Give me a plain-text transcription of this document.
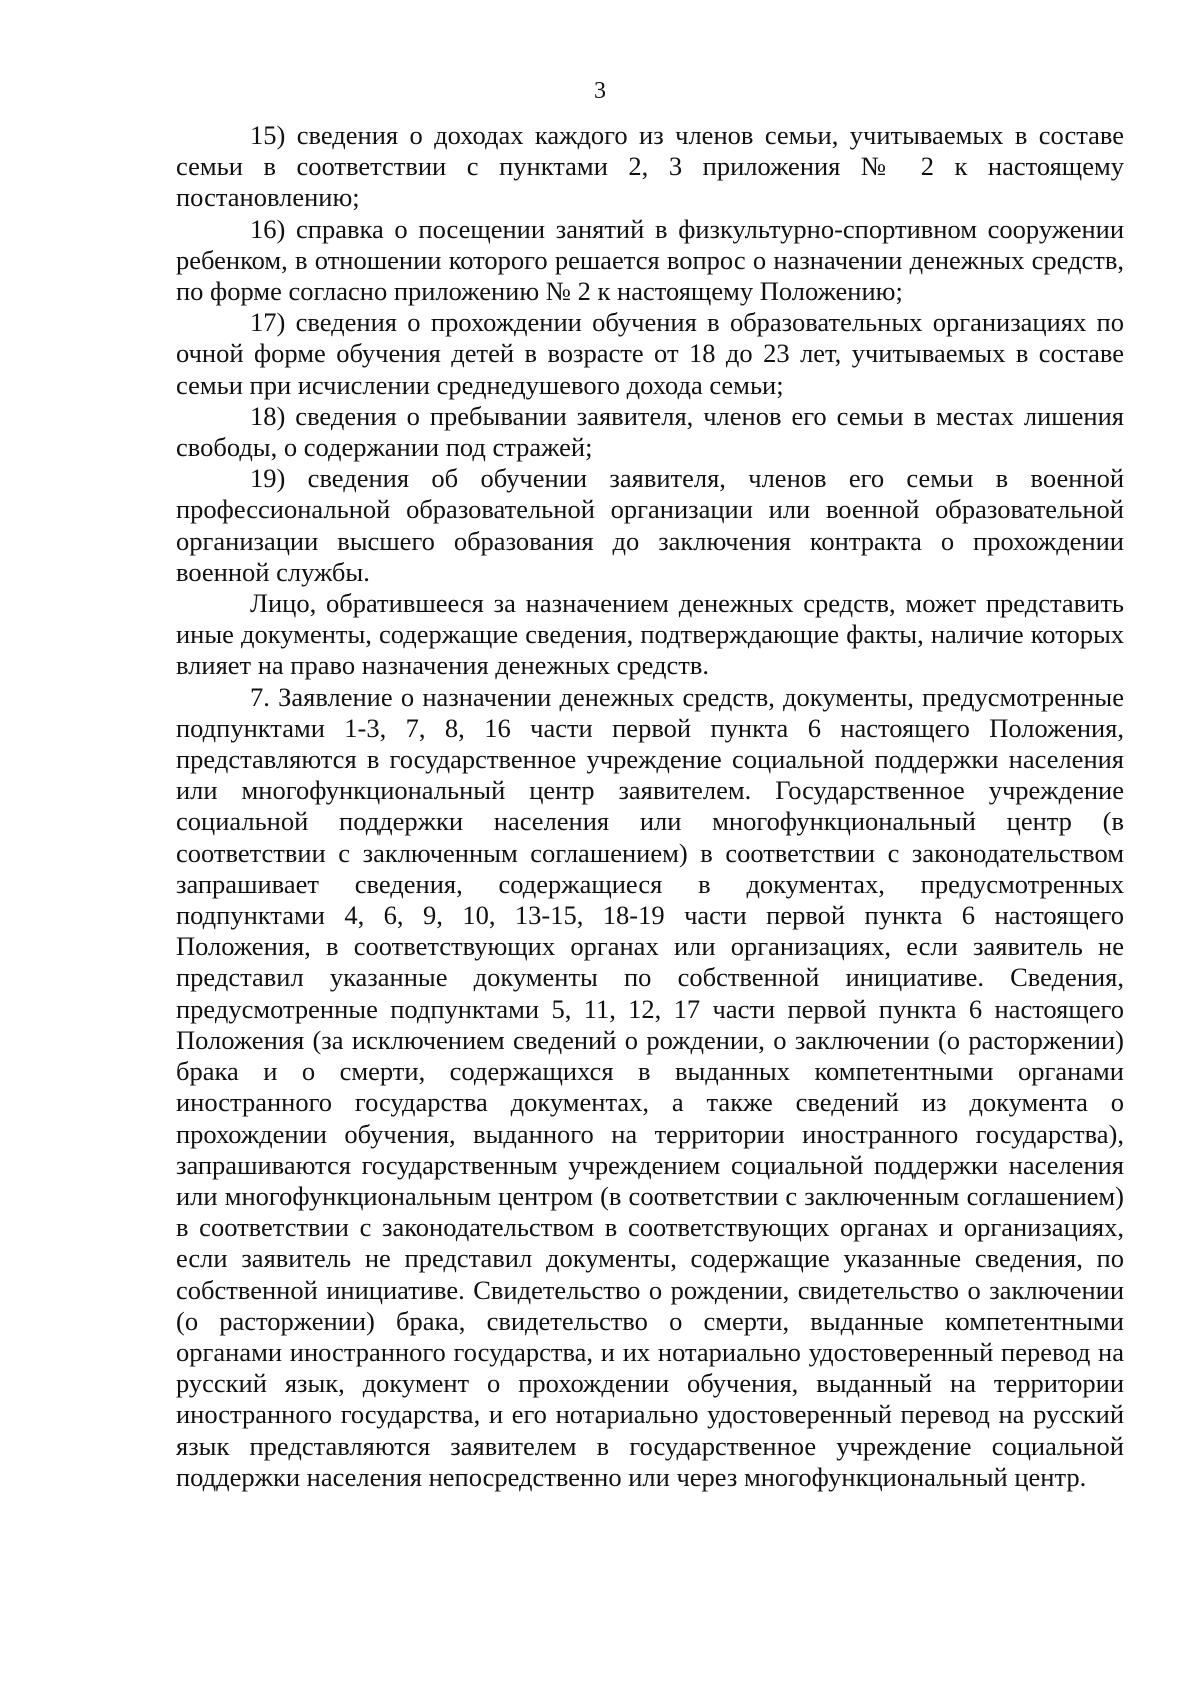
3

15) сведения о доходах каждого из членов семьи, учитываемых в составе семьи в соответствии с пунктами 2, 3 приложения № 2 к настоящему постановлению;

16) справка о посещении занятий в физкультурно-спортивном сооружении ребенком, в отношении которого решается вопрос о назначении денежных средств, по форме согласно приложению № 2 к настоящему Положению;

17) сведения о прохождении обучения в образовательных организациях по очной форме обучения детей в возрасте от 18 до 23 лет, учитываемых в составе семьи при исчислении среднедушевого дохода семьи;

18) сведения о пребывании заявителя, членов его семьи в местах лишения свободы, о содержании под стражей;

19) сведения об обучении заявителя, членов его семьи в военной профессиональной образовательной организации или военной образовательной организации высшего образования до заключения контракта о прохождении военной службы.

Лицо, обратившееся за назначением денежных средств, может представить иные документы, содержащие сведения, подтверждающие факты, наличие которых влияет на право назначения денежных средств.

7. Заявление о назначении денежных средств, документы, предусмотренные подпунктами 1-3, 7, 8, 16 части первой пункта 6 настоящего Положения, представляются в государственное учреждение социальной поддержки населения или многофункциональный центр заявителем. Государственное учреждение социальной поддержки населения или многофункциональный центр (в соответствии с заключенным соглашением) в соответствии с законодательством запрашивает сведения, содержащиеся в документах, предусмотренных подпунктами 4, 6, 9, 10, 13-15, 18-19 части первой пункта 6 настоящего Положения, в соответствующих органах или организациях, если заявитель не представил указанные документы по собственной инициативе. Сведения, предусмотренные подпунктами 5, 11, 12, 17 части первой пункта 6 настоящего Положения (за исключением сведений о рождении, о заключении (о расторжении) брака и о смерти, содержащихся в выданных компетентными органами иностранного государства документах, а также сведений из документа о прохождении обучения, выданного на территории иностранного государства), запрашиваются государственным учреждением социальной поддержки населения или многофункциональным центром (в соответствии с заключенным соглашением) в соответствии с законодательством в соответствующих органах и организациях, если заявитель не представил документы, содержащие указанные сведения, по собственной инициативе. Свидетельство о рождении, свидетельство о заключении (о расторжении) брака, свидетельство о смерти, выданные компетентными органами иностранного государства, и их нотариально удостоверенный перевод на русский язык, документ о прохождении обучения, выданный на территории иностранного государства, и его нотариально удостоверенный перевод на русский язык представляются заявителем в государственное учреждение социальной поддержки населения непосредственно или через многофункциональный центр.
